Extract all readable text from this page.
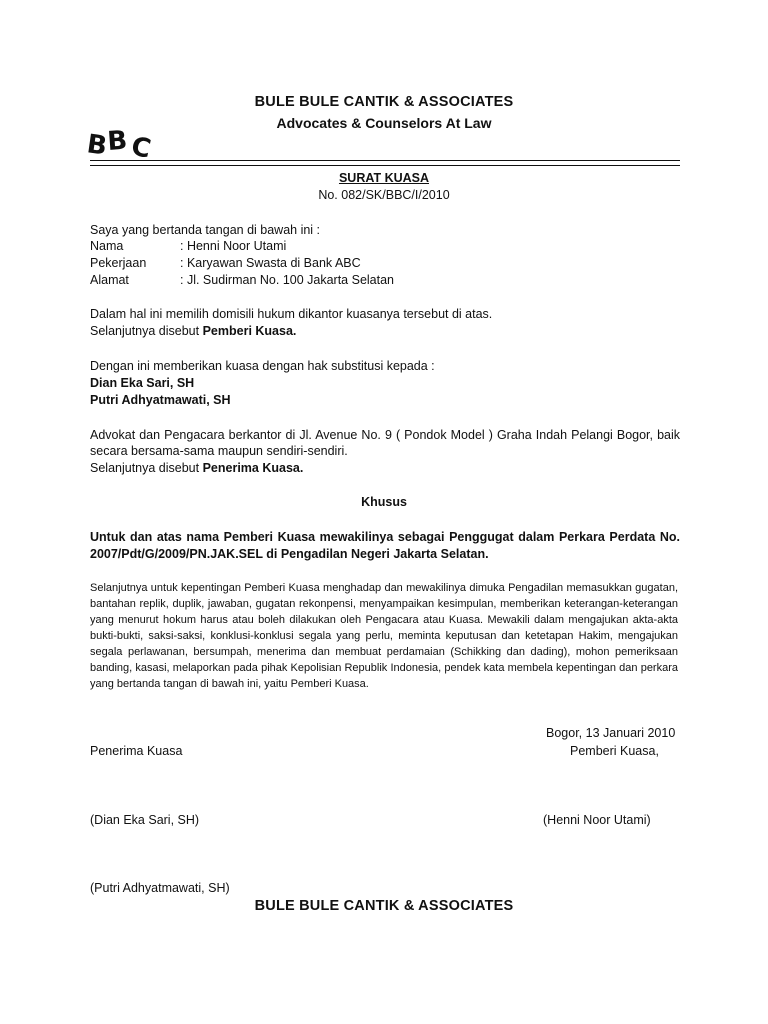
BULE BULE CANTIK & ASSOCIATES
Advocates & Counselors At Law
B
B C
SURAT KUASA
No. 082/SK/BBC/I/2010
Saya yang bertanda tangan di bawah ini :
Nama	: Henni Noor Utami
Pekerjaan	: Karyawan Swasta di Bank ABC
Alamat	: Jl. Sudirman No. 100 Jakarta Selatan
Dalam hal ini memilih domisili hukum dikantor kuasanya tersebut di atas.
Selanjutnya disebut Pemberi Kuasa.
Dengan ini memberikan kuasa dengan hak substitusi kepada :
Dian Eka Sari, SH
Putri Adhyatmawati, SH
Advokat dan Pengacara berkantor di Jl. Avenue No. 9 ( Pondok Model ) Graha Indah Pelangi Bogor, baik secara bersama-sama maupun sendiri-sendiri.
Selanjutnya disebut Penerima Kuasa.
Khusus
Untuk dan atas nama Pemberi Kuasa mewakilinya sebagai Penggugat dalam Perkara Perdata No. 2007/Pdt/G/2009/PN.JAK.SEL di Pengadilan Negeri Jakarta Selatan.
Selanjutnya untuk kepentingan Pemberi Kuasa menghadap dan mewakilinya dimuka Pengadilan memasukkan gugatan, bantahan replik, duplik, jawaban, gugatan rekonpensi, menyampaikan kesimpulan, memberikan keterangan-keterangan yang menurut hokum harus atau boleh dilakukan oleh Pengacara atau Kuasa. Mewakili dalam mengajukan akta-akta bukti-bukti, saksi-saksi, konklusi-konklusi segala yang perlu, meminta keputusan dan ketetapan Hakim, mengajukan segala perlawanan, bersumpah, menerima dan membuat perdamaian (Schikking dan dading), mohon pemeriksaan banding, kasasi, melaporkan pada pihak Kepolisian Republik Indonesia, pendek kata membela kepentingan dan perkara yang bertanda tangan di bawah ini, yaitu Pemberi Kuasa.
Bogor, 13 Januari 2010
Penerima Kuasa	Pemberi Kuasa,
(Dian Eka Sari, SH)	(Henni Noor Utami)
(Putri Adhyatmawati, SH)
BULE BULE CANTIK & ASSOCIATES
